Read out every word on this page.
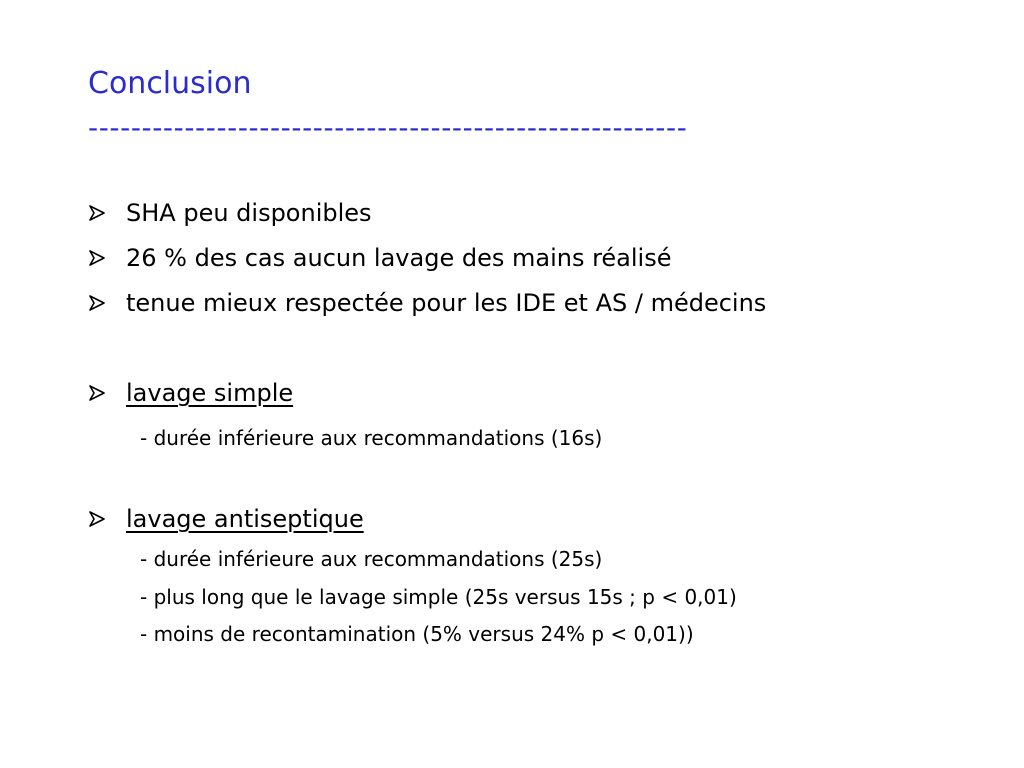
Conclusion
--------------------------------------------------------
SHA peu disponibles
26 % des cas aucun lavage des mains réalisé
tenue mieux respectée pour les IDE et AS / médecins
lavage simple
- durée inférieure aux recommandations (16s)
lavage antiseptique
- durée inférieure aux recommandations (25s)
- plus long que le lavage simple (25s versus 15s ; p < 0,01)
- moins de recontamination (5% versus 24% p < 0,01))
